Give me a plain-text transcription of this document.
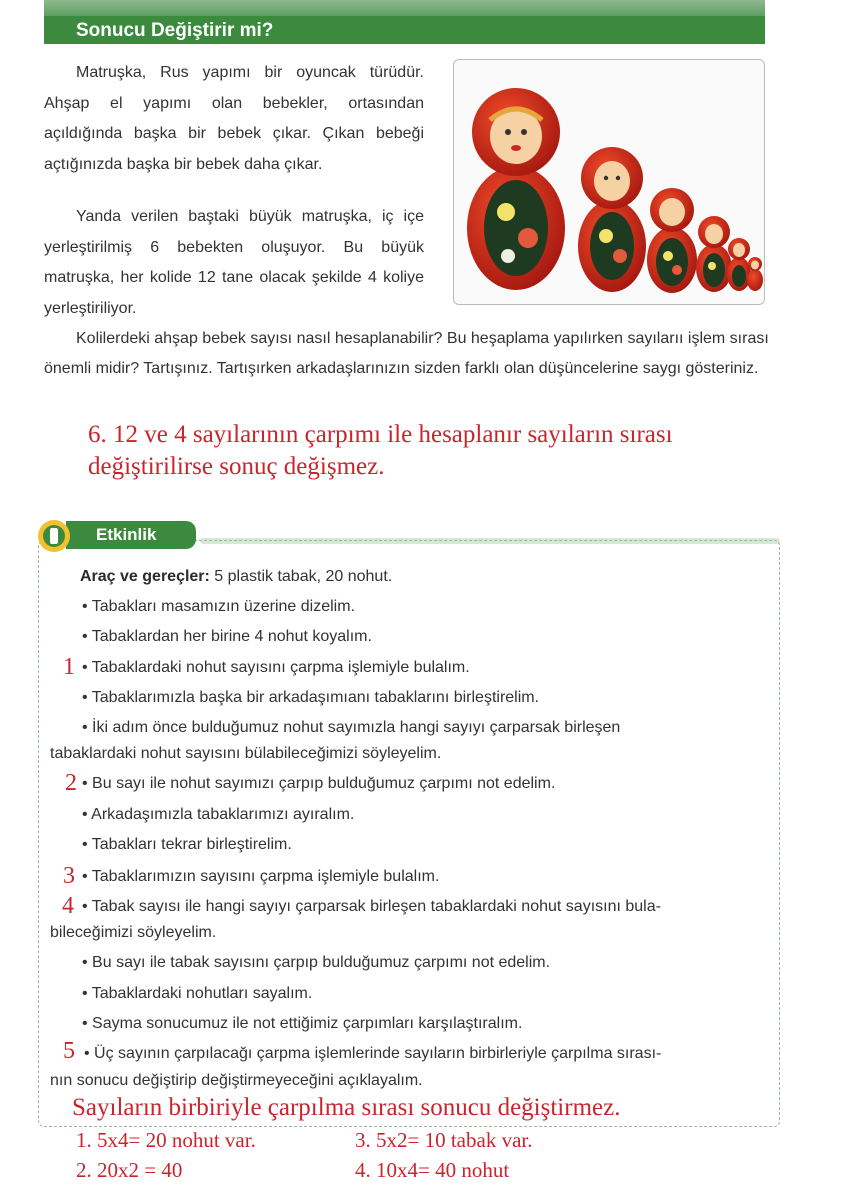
Sonucu Değiştirir mi?

Matruşka, Rus yapımı bir oyuncak türüdür. Ahşap el yapımı olan bebekler, ortasından açıldığında başka bir bebek çıkar. Çıkan bebeği açtığınızda başka bir bebek daha çıkar.

Yanda verilen baştaki büyük matruşka, iç içe yerleştirilmiş 6 bebekten oluşuyor. Bu büyük matruşka, her kolide 12 tane olacak şekilde 4 koliye yerleştiriliyor.

Kolilerdeki ahşap bebek sayısı nasıl hesaplanabilir? Bu heşaplama yapılırken sayılarıı işlem sırası önemli midir? Tartışınız. Tartışırken arkadaşlarınızın sizden farklı olan düşüncelerine saygı gösteriniz.

6. 12 ve 4 sayılarının çarpımı ile hesaplanır sayıların sırası değiştirilirse sonuç değişmez.

Etkinlik
Araç ve gereçler: 5 plastik tabak, 20 nohut.
• Tabakları masamızın üzerine dizelim.
• Tabaklardan her birine 4 nohut koyalım.
• Tabaklardaki nohut sayısını çarpma işlemiyle bulalım.
• Tabaklarımızla başka bir arkadaşımıanı tabaklarını birleştirelim.
• İki adım önce bulduğumuz nohut sayımızla hangi sayıyı çarparsak birleşen
tabaklardaki nohut sayısını bülabileceğimizi söyleyelim.
• Bu sayı ile nohut sayımızı çarpıp bulduğumuz çarpımı not edelim.
• Arkadaşımızla tabaklarımızı ayıralım.
• Tabakları tekrar birleştirelim.
• Tabaklarımızın sayısını çarpma işlemiyle bulalım.
• Tabak sayısı ile hangi sayıyı çarparsak birleşen tabaklardaki nohut sayısını bula-
bileceğimizi söyleyelim.
• Bu sayı ile tabak sayısını çarpıp bulduğumuz çarpımı not edelim.
• Tabaklardaki nohutları sayalım.
• Sayma sonucumuz ile not ettiğimiz çarpımları karşılaştıralım.
• Üç sayının çarpılacağı çarpma işlemlerinde sayıların birbirleriyle çarpılma sırası-
nın sonucu değiştirip değiştirmeyeceğini açıklayalım.
1
2
3
4
5
Sayıların birbiriyle çarpılma sırası sonucu değiştirmez.
1. 5x4= 20 nohut var.	3. 5x2= 10 tabak var.
2. 20x2 = 40	4. 10x4= 40 nohut
